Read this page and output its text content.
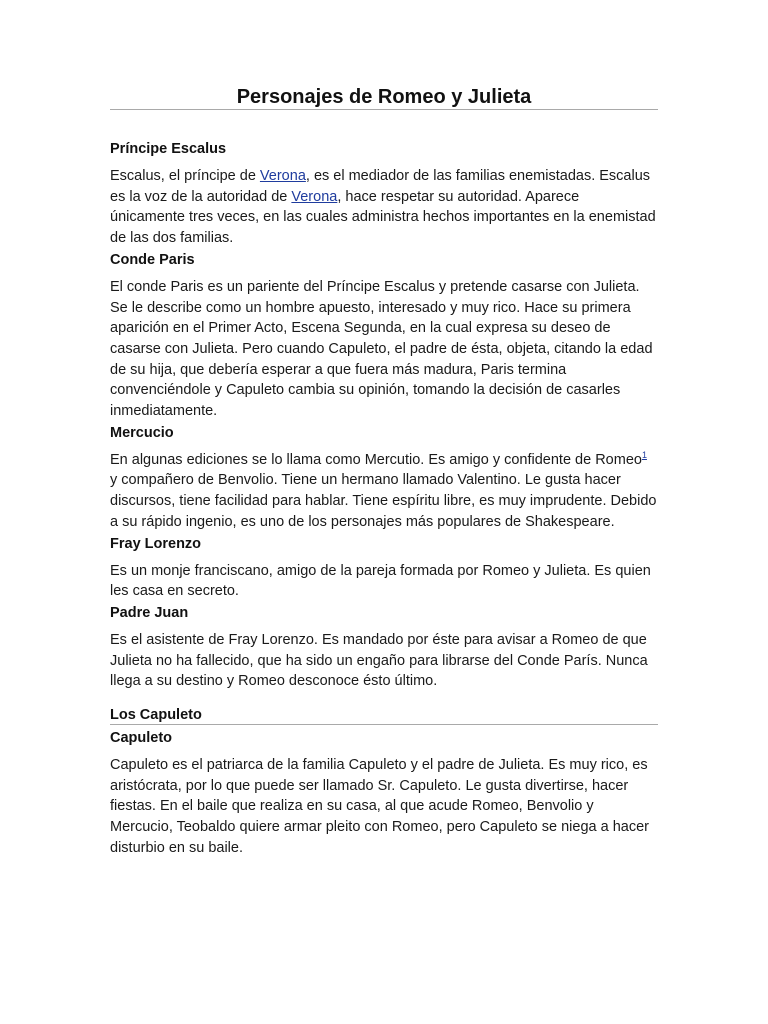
Personajes de Romeo y Julieta

Príncipe Escalus

Escalus, el príncipe de Verona, es el mediador de las familias enemistadas. Escalus es la voz de la autoridad de Verona, hace respetar su autoridad. Aparece únicamente tres veces, en las cuales administra hechos importantes en la enemistad de las dos familias.

Conde Paris

El conde Paris es un pariente del Príncipe Escalus y pretende casarse con Julieta. Se le describe como un hombre apuesto, interesado y muy rico. Hace su primera aparición en el Primer Acto, Escena Segunda, en la cual expresa su deseo de casarse con Julieta. Pero cuando Capuleto, el padre de ésta, objeta, citando la edad de su hija, que debería esperar a que fuera más madura, Paris termina convenciéndole y Capuleto cambia su opinión, tomando la decisión de casarles inmediatamente.

Mercucio

En algunas ediciones se lo llama como Mercutio. Es amigo y confidente de Romeo$^1$ y compañero de Benvolio. Tiene un hermano llamado Valentino. Le gusta hacer discursos, tiene facilidad para hablar. Tiene espíritu libre, es muy imprudente. Debido a su rápido ingenio, es uno de los personajes más populares de Shakespeare.

Fray Lorenzo

Es un monje franciscano, amigo de la pareja formada por Romeo y Julieta. Es quien les casa en secreto.

Padre Juan

Es el asistente de Fray Lorenzo. Es mandado por éste para avisar a Romeo de que Julieta no ha fallecido, que ha sido un engaño para librarse del Conde París. Nunca llega a su destino y Romeo desconoce ésto último.

Los Capuleto

Capuleto

Capuleto es el patriarca de la familia Capuleto y el padre de Julieta. Es muy rico, es aristócrata, por lo que puede ser llamado Sr. Capuleto. Le gusta divertirse, hacer fiestas. En el baile que realiza en su casa, al que acude Romeo, Benvolio y Mercucio, Teobaldo quiere armar pleito con Romeo, pero Capuleto se niega a hacer disturbio en su baile.
